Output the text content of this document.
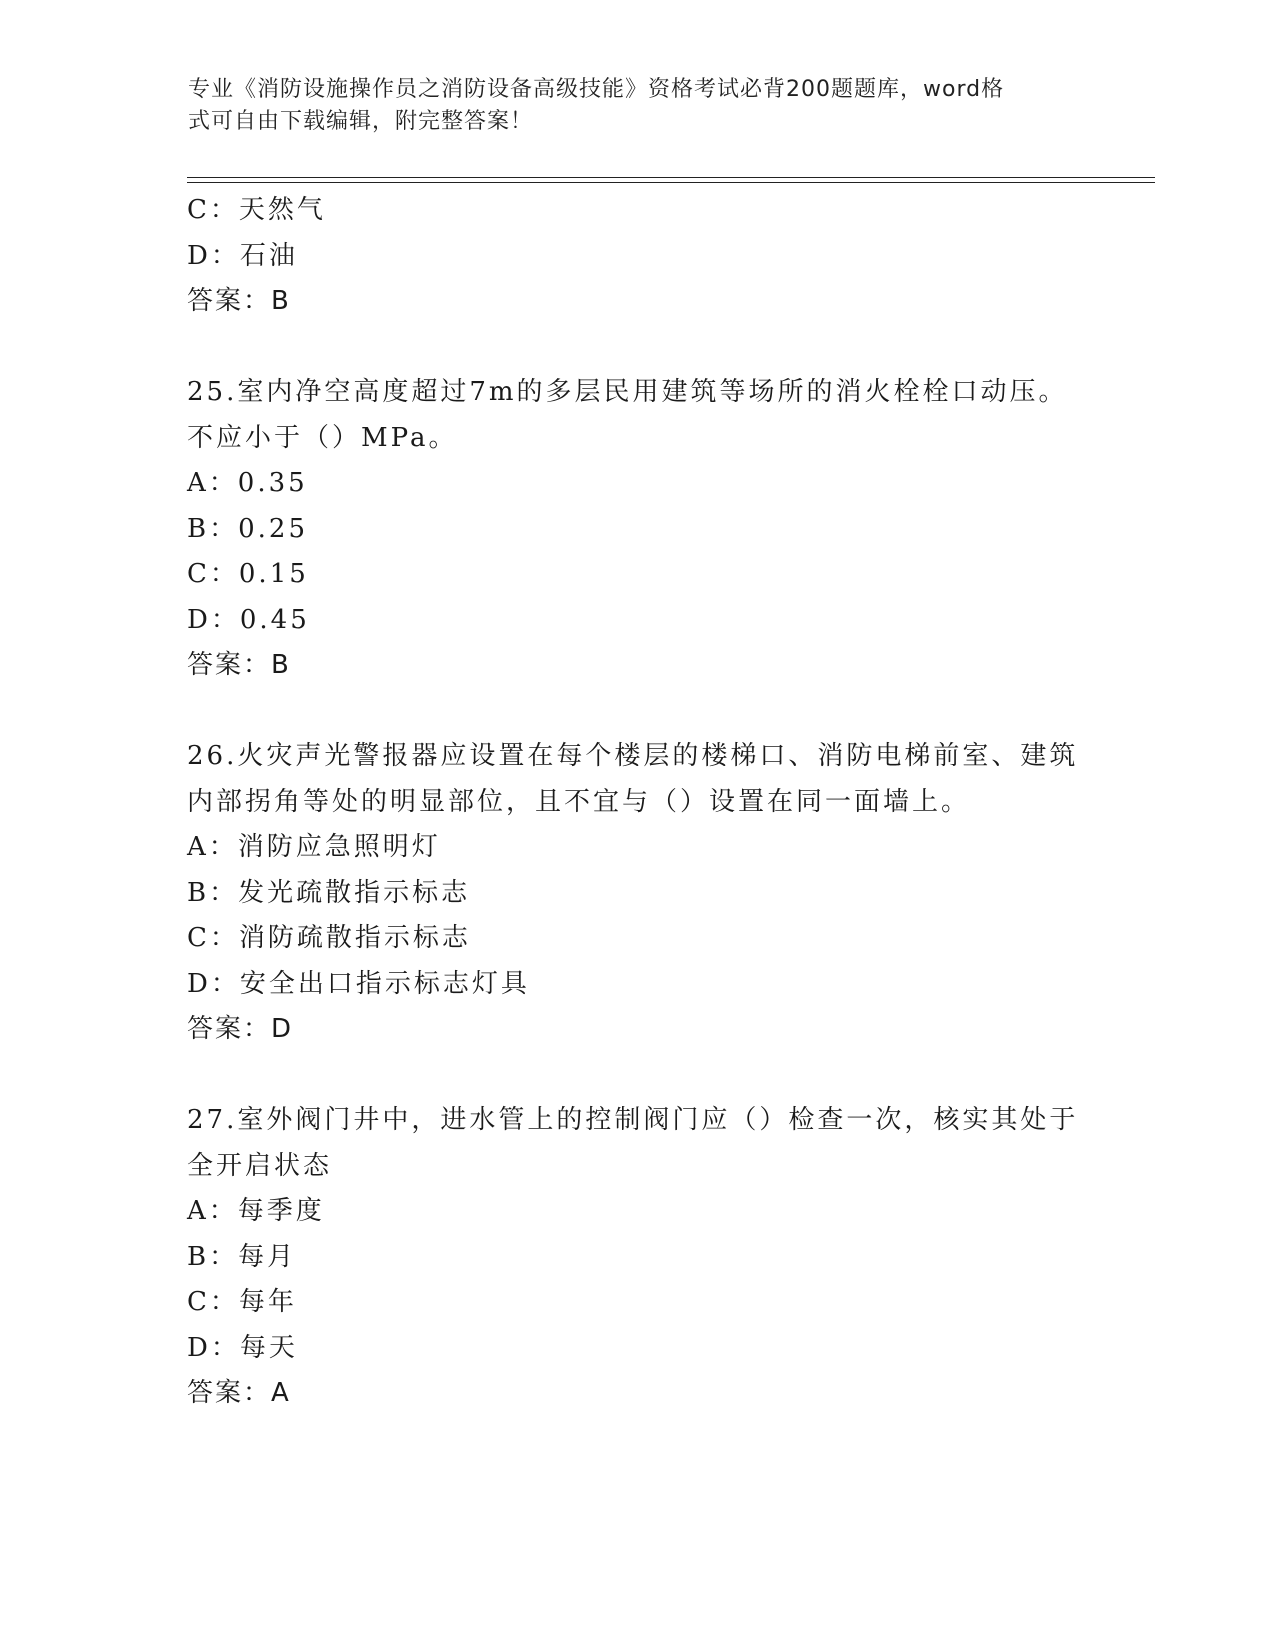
专业《消防设施操作员之消防设备高级技能》资格考试必背200题题库，word格
式可自由下载编辑，附完整答案！
C：天然气
D：石油
答案：B
25.室内净空高度超过7m的多层民用建筑等场所的消火栓栓口动压。
不应小于（）MPa。
A：0.35
B：0.25
C：0.15
D：0.45
答案：B
26.火灾声光警报器应设置在每个楼层的楼梯口、消防电梯前室、建筑
内部拐角等处的明显部位，且不宜与（）设置在同一面墙上。
A：消防应急照明灯
B：发光疏散指示标志
C：消防疏散指示标志
D：安全出口指示标志灯具
答案：D
27.室外阀门井中，进水管上的控制阀门应（）检查一次，核实其处于
全开启状态
A：每季度
B：每月
C：每年
D：每天
答案：A
